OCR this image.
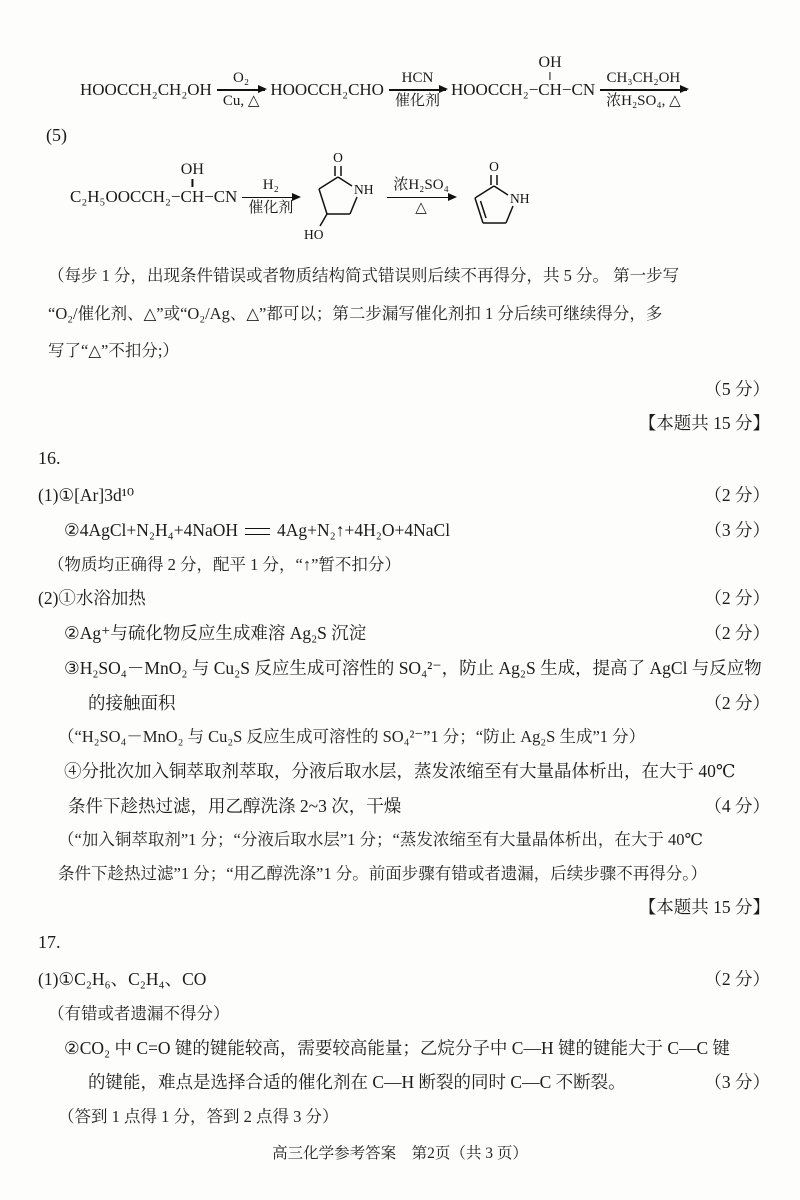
HOOCCH₂CH₂OH
O₂
Cu, △
HOOCCH₂CHO
HCN
催化剂
HOOCCH₂−
OH
CH−CN
CH₃CH₂OH
浓H₂SO₄, △
(5)
C₂H₅OOCCH₂−
OH
CH−CN
H₂
催化剂
O
NH
HO
浓H₂SO₄
△
O
NH
（每步 1 分，出现条件错误或者物质结构简式错误则后续不再得分，共 5 分。 第一步写
“O₂/催化剂、△”或“O₂/Ag、△”都可以；第二步漏写催化剂扣 1 分后续可继续得分，多
写了“△”不扣分;）
（5 分）
【本题共 15 分】
16.
(1)①[Ar]3d¹⁰	（2 分）
②4AgCl+N₂H₄+4NaOH 4Ag+N₂↑+4H₂O+4NaCl	（3 分）
（物质均正确得 2 分，配平 1 分，“↑”暂不扣分）
(2)①水浴加热	（2 分）
②Ag⁺与硫化物反应生成难溶 Ag₂S 沉淀	（2 分）
③H₂SO₄－MnO₂ 与 Cu₂S 反应生成可溶性的 SO₄²⁻，防止 Ag₂S 生成，提高了 AgCl 与反应物
的接触面积	（2 分）
（“H₂SO₄－MnO₂ 与 Cu₂S 反应生成可溶性的 SO₄²⁻”1 分；“防止 Ag₂S 生成”1 分）
④分批次加入铜萃取剂萃取，分液后取水层，蒸发浓缩至有大量晶体析出，在大于 40℃
条件下趁热过滤，用乙醇洗涤 2~3 次，干燥	（4 分）
（“加入铜萃取剂”1 分；“分液后取水层”1 分；“蒸发浓缩至有大量晶体析出，在大于 40℃
条件下趁热过滤”1 分；“用乙醇洗涤”1 分。前面步骤有错或者遗漏，后续步骤不再得分。）
【本题共 15 分】
17.
(1)①C₂H₆、C₂H₄、CO	（2 分）
（有错或者遗漏不得分）
②CO₂ 中 C=O 键的键能较高，需要较高能量；乙烷分子中 C—H 键的键能大于 C—C 键
的键能，难点是选择合适的催化剂在 C—H 断裂的同时 C—C 不断裂。	（3 分）
（答到 1 点得 1 分，答到 2 点得 3 分）
高三化学参考答案　第2页（共 3 页）
